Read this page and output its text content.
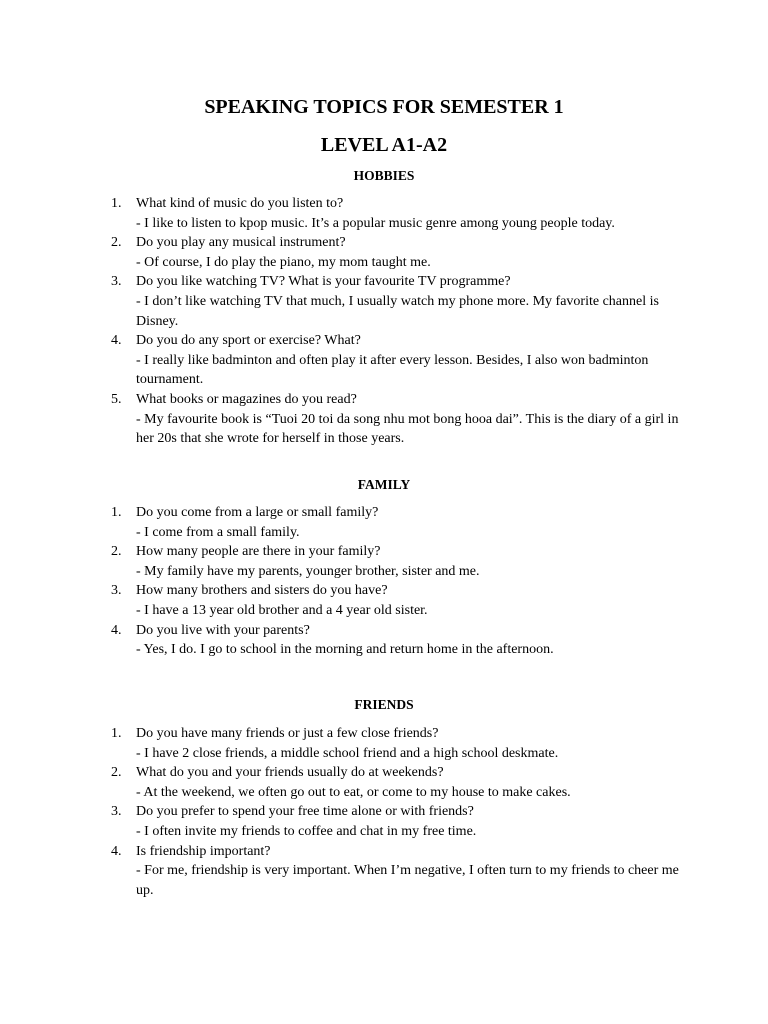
SPEAKING TOPICS FOR SEMESTER 1
LEVEL A1-A2
HOBBIES
1. What kind of music do you listen to?
- I like to listen to kpop music. It’s a popular music genre among young people today.
2. Do you play any musical instrument?
- Of course, I do play the piano, my mom taught me.
3. Do you like watching TV? What is your favourite TV programme?
- I don’t like watching TV that much, I usually watch my phone more. My favorite channel is Disney.
4. Do you do any sport or exercise? What?
- I really like badminton and often play it after every lesson. Besides, I also won badminton tournament.
5. What books or magazines do you read?
- My favourite book is “Tuoi 20 toi da song nhu mot bong hooa dai”. This is the diary of a girl in her 20s that she wrote for herself in those years.
FAMILY
1. Do you come from a large or small family?
- I come from a small family.
2. How many people are there in your family?
- My family have my parents, younger brother, sister and me.
3. How many brothers and sisters do you have?
- I have a 13 year old brother and a 4 year old sister.
4. Do you live with your parents?
- Yes, I do. I go to school in the morning and return home in the afternoon.
FRIENDS
1. Do you have many friends or just a few close friends?
- I have 2 close friends, a middle school friend and a high school deskmate.
2. What do you and your friends usually do at weekends?
- At the weekend, we often go out to eat, or come to my house to make cakes.
3. Do you prefer to spend your free time alone or with friends?
- I often invite my friends to coffee and chat in my free time.
4. Is friendship important?
- For me, friendship is very important. When I’m negative, I often turn to my friends to cheer me up.
